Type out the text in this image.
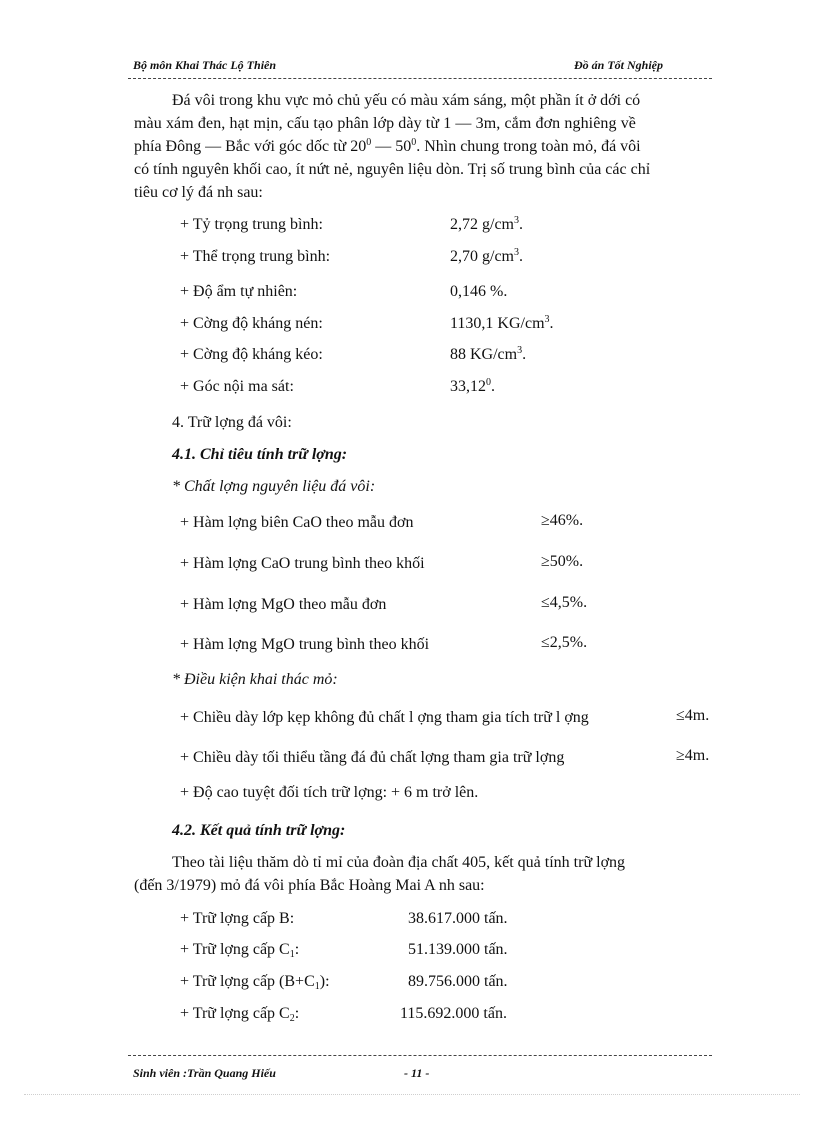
Bộ môn Khai Thác Lộ Thiên	Đồ án Tốt Nghiệp
Đá vôi trong khu vực mỏ chủ yếu có màu xám sáng, một phần ít ở dới có
màu xám đen, hạt mịn, cấu tạo phân lớp dày từ 1 — 3m, cắm đơn nghiêng về
phía Đông — Bắc với góc dốc từ $20^0$ — $50^0$. Nhìn chung trong toàn mỏ, đá vôi
có tính nguyên khối cao, ít nứt nẻ, nguyên liệu dòn. Trị số trung bình của các chỉ
tiêu cơ lý đá nh sau:
+ Tỷ trọng trung bình:	2,72 $g/cm^3$.
+ Thể trọng trung bình:	2,70 $g/cm^3$.
+ Độ ẩm tự nhiên:	0,146 %.
+ Cờng độ kháng nén:	1130,1 $KG/cm^3$.
+ Cờng độ kháng kéo:	88 $KG/cm^3$.
+ Góc nội ma sát:	33,12$^0$.
4. Trữ lợng đá vôi:
4.1. Chỉ tiêu tính trữ lợng:
* Chất lợng nguyên liệu đá vôi:
+ Hàm lợng biên CaO theo mẫu đơn	≥46%.
+ Hàm lợng CaO trung bình theo khối	≥50%.
+ Hàm lợng MgO theo mẫu đơn	≤4,5%.
+ Hàm lợng MgO trung bình theo khối	≤2,5%.
* Điều kiện khai thác mỏ:
+ Chiều dày lớp kẹp không đủ chất l ợng tham gia tích trữ l ợng	≤4m.
+ Chiều dày tối thiểu tầng đá đủ chất lợng tham gia trữ lợng	≥4m.
+ Độ cao tuyệt đối tích trữ lợng: + 6 m trở lên.
4.2. Kết quả tính trữ lợng:
Theo tài liệu thăm dò tỉ mỉ của đoàn địa chất 405, kết quả tính trữ lợng
(đến 3/1979) mỏ đá vôi phía Bắc Hoàng Mai A nh sau:
+ Trữ lợng cấp B:	38.617.000 tấn.
+ Trữ lợng cấp $C_1$:	51.139.000 tấn.
+ Trữ lợng cấp $(B+C_1)$:	89.756.000 tấn.
+ Trữ lợng cấp $C_2$:	115.692.000 tấn.
Sinh viên :Trần Quang Hiếu	- 11 -
